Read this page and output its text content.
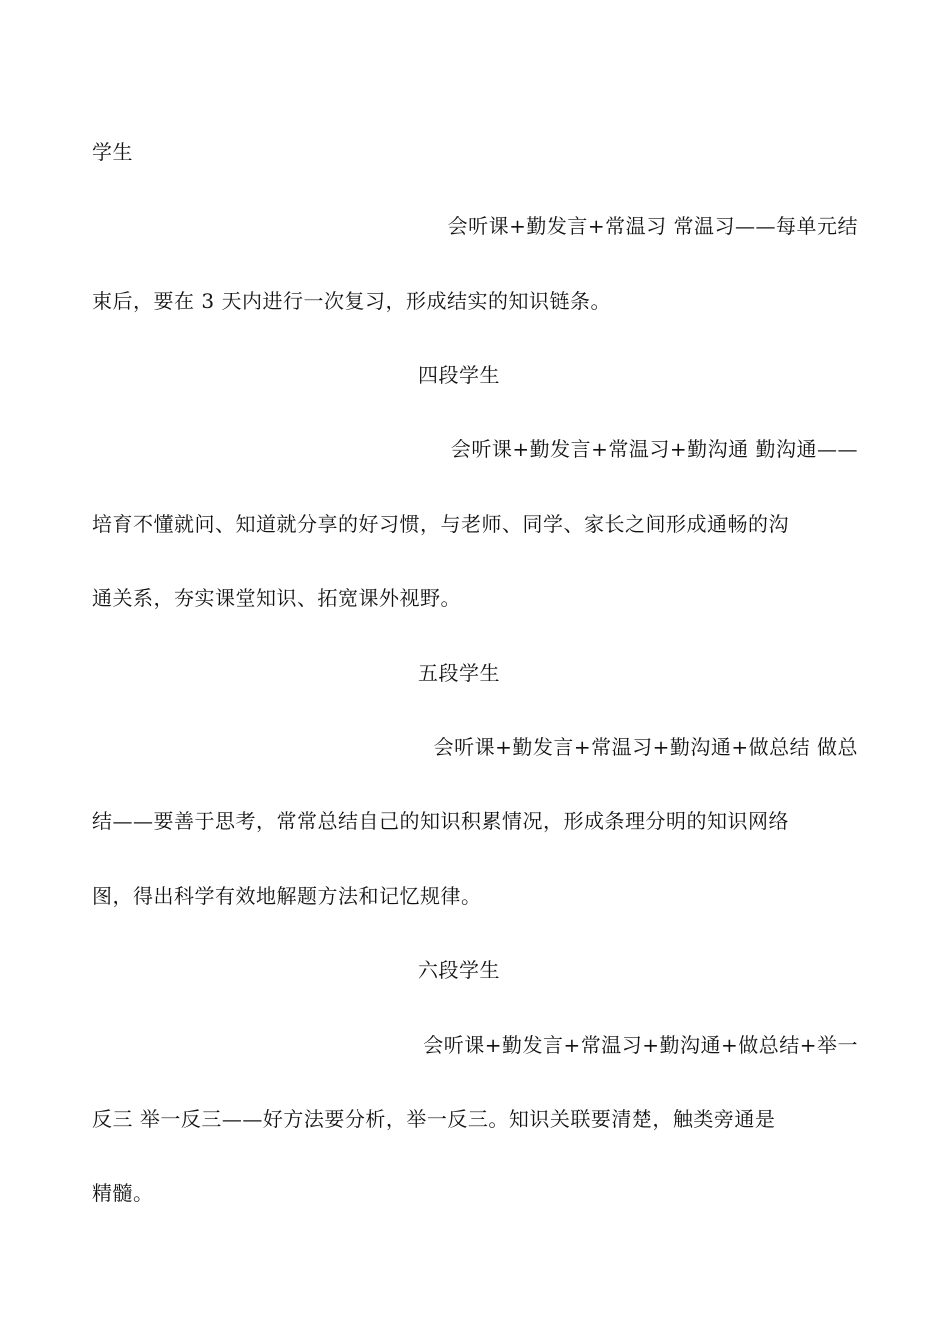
学生
会听课+勤发言+常温习 常温习——每单元结
束后，要在 3 天内进行一次复习，形成结实的知识链条。
四段学生
会听课+勤发言+常温习+勤沟通 勤沟通——
培育不懂就问、知道就分享的好习惯，与老师、同学、家长之间形成通畅的沟
通关系，夯实课堂知识、拓宽课外视野。
五段学生
会听课+勤发言+常温习+勤沟通+做总结 做总
结——要善于思考，常常总结自己的知识积累情况，形成条理分明的知识网络
图，得出科学有效地解题方法和记忆规律。
六段学生
会听课+勤发言+常温习+勤沟通+做总结+举一
反三 举一反三——好方法要分析，举一反三。知识关联要清楚，触类旁通是
精髓。
